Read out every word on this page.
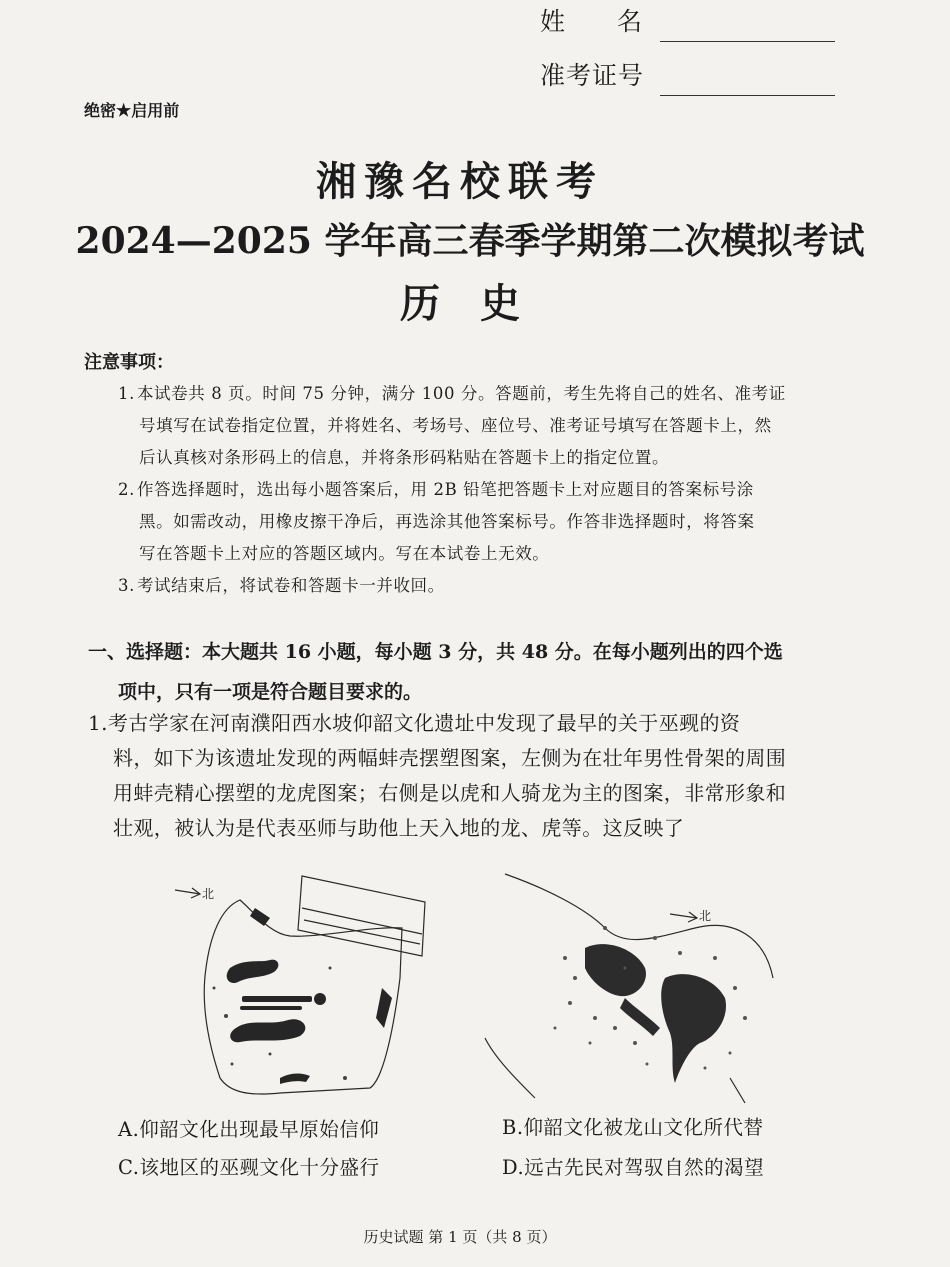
姓名
准考证号
绝密★启用前
湘豫名校联考
2024—2025 学年高三春季学期第二次模拟考试
历史
注意事项：
1. 本试卷共 8 页。时间 75 分钟，满分 100 分。答题前，考生先将自己的姓名、准考证
号填写在试卷指定位置，并将姓名、考场号、座位号、准考证号填写在答题卡上，然
后认真核对条形码上的信息，并将条形码粘贴在答题卡上的指定位置。
2. 作答选择题时，选出每小题答案后，用 2B 铅笔把答题卡上对应题目的答案标号涂
黑。如需改动，用橡皮擦干净后，再选涂其他答案标号。作答非选择题时，将答案
写在答题卡上对应的答题区域内。写在本试卷上无效。
3. 考试结束后，将试卷和答题卡一并收回。
一、选择题：本大题共 16 小题，每小题 3 分，共 48 分。在每小题列出的四个选
项中，只有一项是符合题目要求的。
1.考古学家在河南濮阳西水坡仰韶文化遗址中发现了最早的关于巫觋的资
料，如下为该遗址发现的两幅蚌壳摆塑图案，左侧为在壮年男性骨架的周围
用蚌壳精心摆塑的龙虎图案；右侧是以虎和人骑龙为主的图案，非常形象和
壮观，被认为是代表巫师与助他上天入地的龙、虎等。这反映了
北
北
A.仰韶文化出现最早原始信仰	B.仰韶文化被龙山文化所代替
C.该地区的巫觋文化十分盛行	D.远古先民对驾驭自然的渴望
历史试题 第 1 页（共 8 页）
